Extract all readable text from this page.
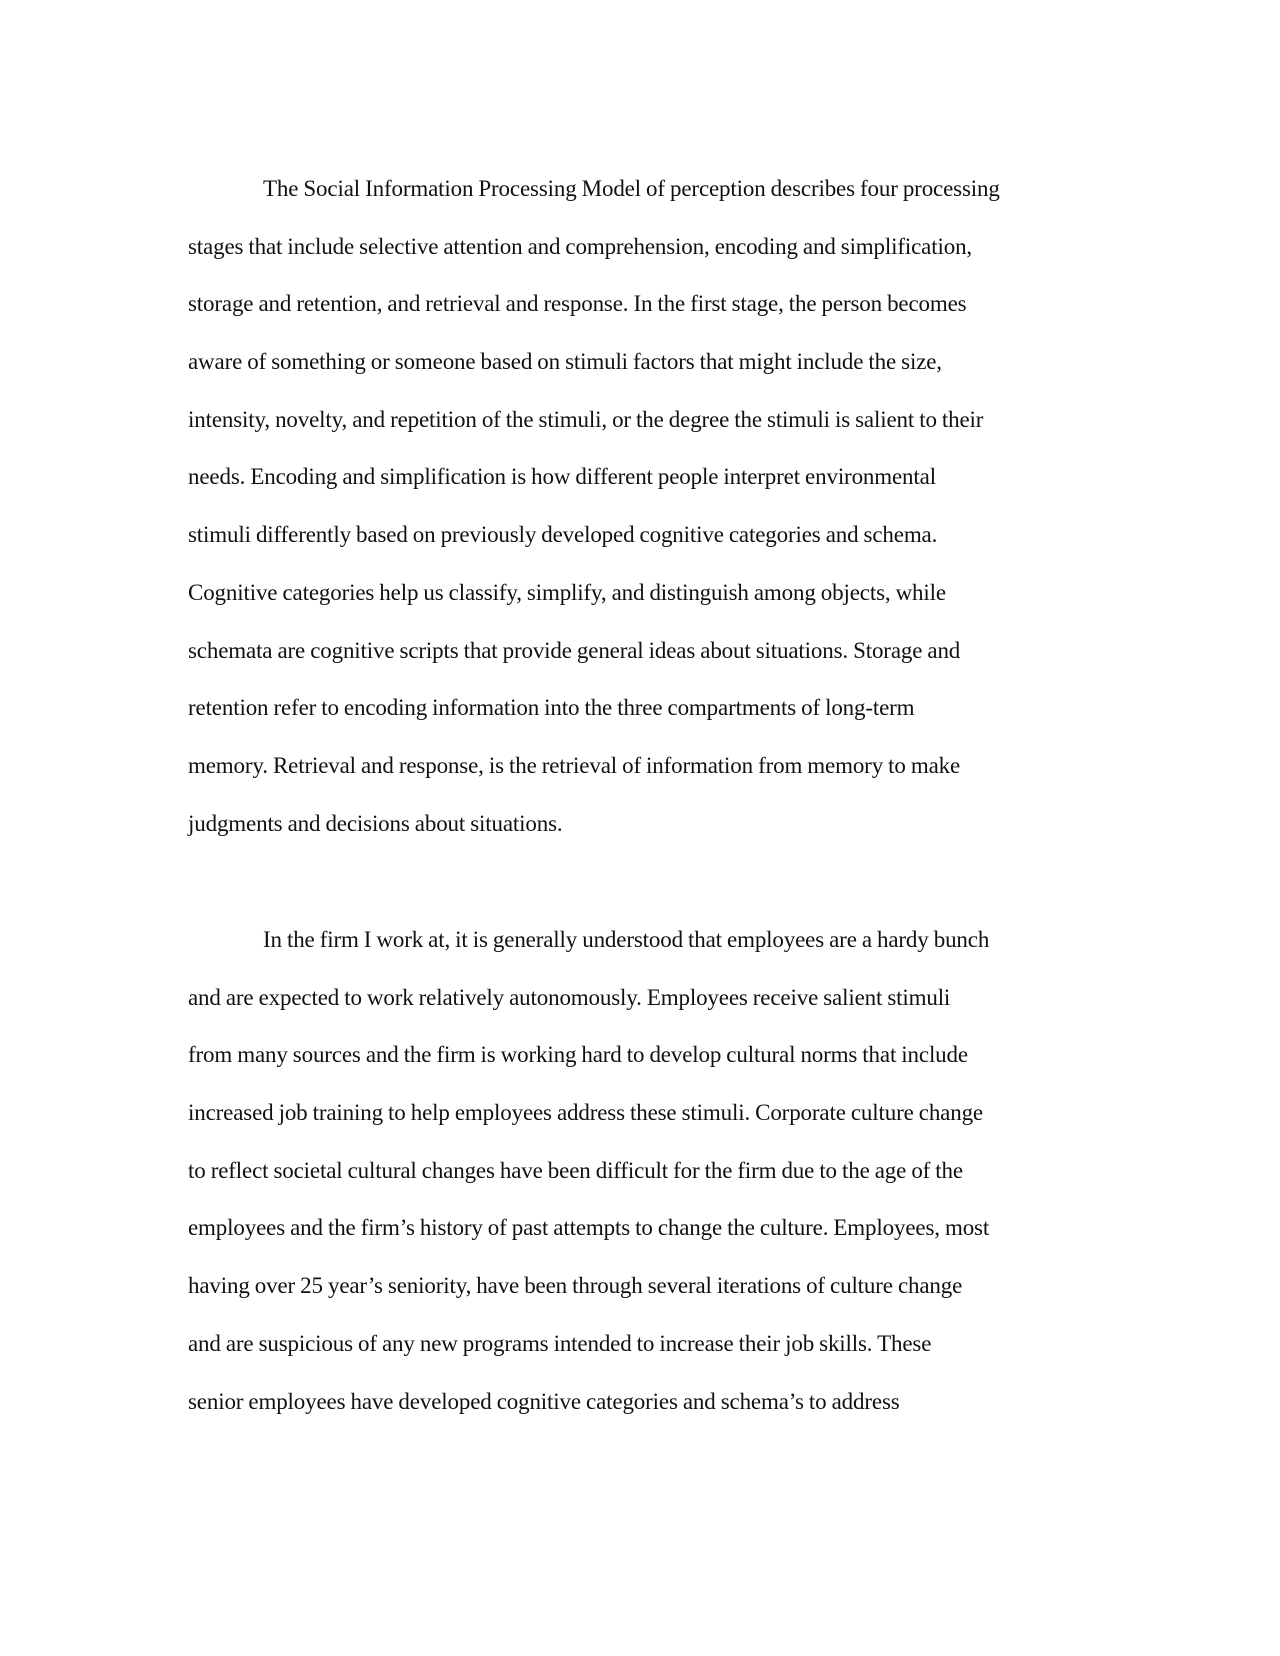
The Social Information Processing Model of perception describes four processing
stages that include selective attention and comprehension, encoding and simplification,
storage and retention, and retrieval and response. In the first stage, the person becomes
aware of something or someone based on stimuli factors that might include the size,
intensity, novelty, and repetition of the stimuli, or the degree the stimuli is salient to their
needs. Encoding and simplification is how different people interpret environmental
stimuli differently based on previously developed cognitive categories and schema.
Cognitive categories help us classify, simplify, and distinguish among objects, while
schemata are cognitive scripts that provide general ideas about situations. Storage and
retention refer to encoding information into the three compartments of long-term
memory. Retrieval and response, is the retrieval of information from memory to make
judgments and decisions about situations.
In the firm I work at, it is generally understood that employees are a hardy bunch
and are expected to work relatively autonomously. Employees receive salient stimuli
from many sources and the firm is working hard to develop cultural norms that include
increased job training to help employees address these stimuli. Corporate culture change
to reflect societal cultural changes have been difficult for the firm due to the age of the
employees and the firm’s history of past attempts to change the culture. Employees, most
having over 25 year’s seniority, have been through several iterations of culture change
and are suspicious of any new programs intended to increase their job skills. These
senior employees have developed cognitive categories and schema’s to address
